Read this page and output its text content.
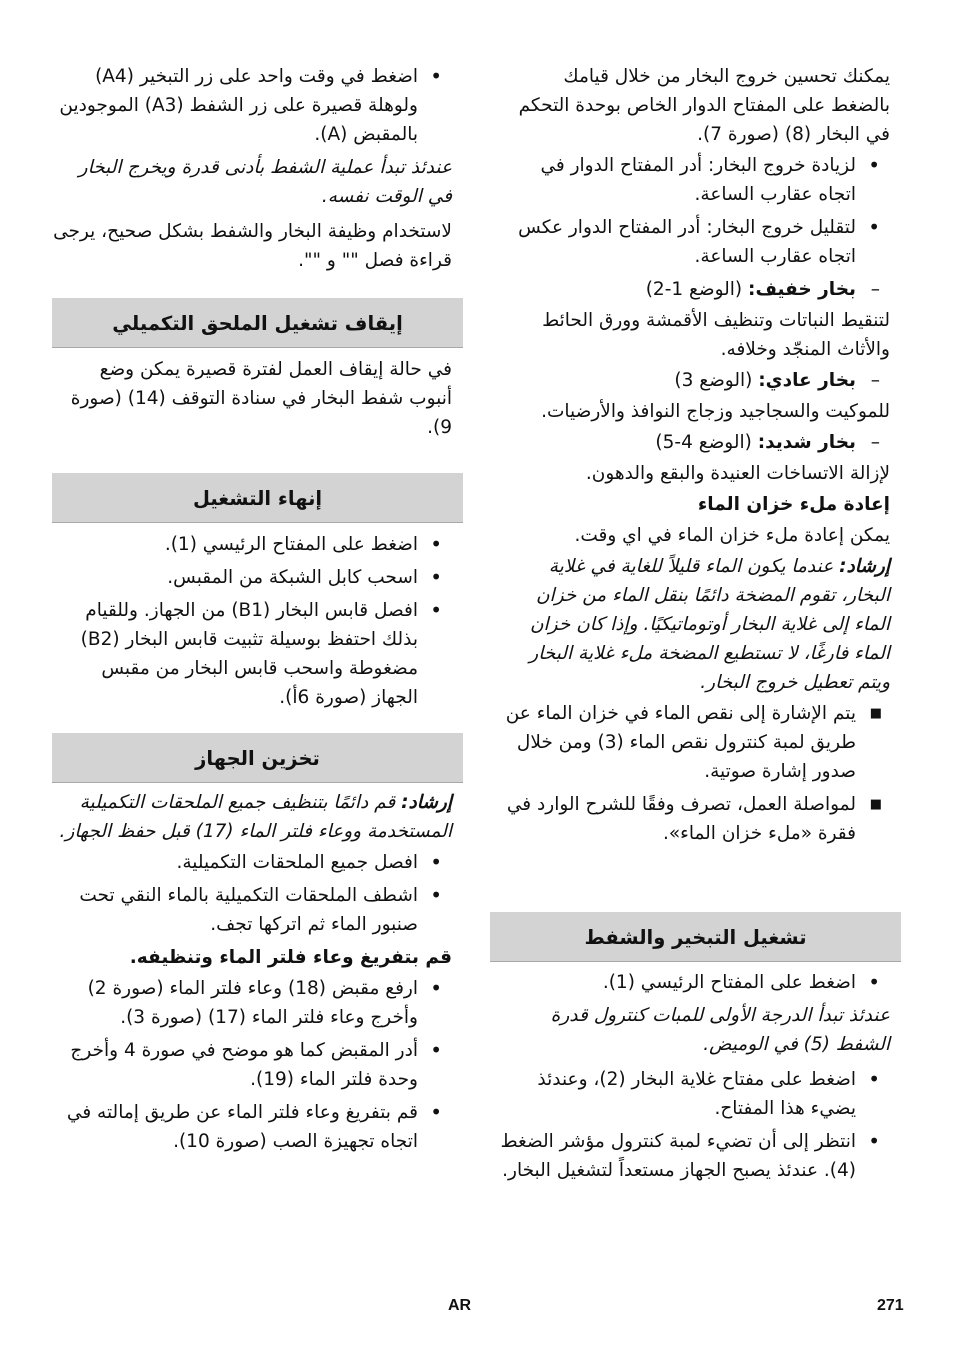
يمكنك تحسين خروج البخار من خلال قيامك بالضغط على المفتاح الدوار الخاص بوحدة التحكم في البخار (8) (صورة 7).

• لزيادة خروج البخار: أدر المفتاح الدوار في اتجاه عقارب الساعة.
• لتقليل خروج البخار: أدر المفتاح الدوار عكس اتجاه عقارب الساعة.

– بخار خفيف: (الوضع 1-2)

لتنقيط النباتات وتنظيف الأقمشة وورق الحائط والأثاث المنجّد وخلافه.

– بخار عادي: (الوضع 3)

للموكيت والسجاجيد وزجاج النوافذ والأرضيات.

– بخار شديد: (الوضع 4-5)

لإزالة الاتساخات العنيدة والبقع والدهون.

إعادة ملء خزان الماء

يمكن إعادة ملء خزان الماء في اي وقت.

إرشاد: عندما يكون الماء قليلاً للغاية في غلاية البخار، تقوم المضخة دائمًا بنقل الماء من خزان الماء إلى غلاية البخار أوتوماتيكيًا. وإذا كان خزان الماء فارغًا، لا تستطيع المضخة ملء غلاية البخار ويتم تعطيل خروج البخار.

■ يتم الإشارة إلى نقص الماء في خزان الماء عن طريق لمبة كنترول نقص الماء (3) ومن خلال صدور إشارة صوتية.
■ لمواصلة العمل، تصرف وفقًا للشرح الوارد في فقرة «ملء خزان الماء».
تشغيل التبخير والشفط
• اضغط على المفتاح الرئيسي (1).

عندئذ تبدأ الدرجة الأولى للمبات كنترول قدرة الشفط (5) في الوميض.

• اضغط على مفتاح غلاية البخار (2)، وعندئذ يضيء هذا المفتاح.
• انتظر إلى أن تضيء لمبة كنترول مؤشر الضغط (4). عندئذ يصبح الجهاز مستعداً لتشغيل البخار.
• اضغط في وقت واحد على زر التبخير (A4) ولوهلة قصيرة على زر الشفط (A3) الموجودين بالمقبض (A).

عندئذ تبدأ عملية الشفط بأدنى قدرة ويخرج البخار في الوقت نفسه.

لاستخدام وظيفة البخار والشفط بشكل صحيح، يرجى قراءة فصل "" و "".

إيقاف تشغيل الملحق التكميلي

في حالة إيقاف العمل لفترة قصيرة يمكن وضع أنبوب شفط البخار في سنادة التوقف (14) (صورة 9).

إنهاء التشغيل
• اضغط على المفتاح الرئيسي (1).
• اسحب كابل الشبكة من المقبس.
• افصل قابس البخار (B1) من الجهاز. وللقيام بذلك احتفظ بوسيلة تثبيت قابس البخار (B2) مضغوطة واسحب قابس البخار من مقبس الجهاز (صورة 6أ).
تخزين الجهاز

إرشاد: قم دائمًا بتنظيف جميع الملحقات التكميلية المستخدمة ووعاء فلتر الماء (17) قبل حفظ الجهاز.

• افصل جميع الملحقات التكميلية.
• اشطف الملحقات التكميلية بالماء النقي تحت صنبور الماء ثم اتركها تجف.

قم بتفريغ وعاء فلتر الماء وتنظيفه.

• ارفع مقبض (18) وعاء فلتر الماء (صورة 2) وأخرج وعاء فلتر الماء (17) (صورة 3).
• أدر المقبض كما هو موضح في صورة 4 وأخرج وحدة فلتر الماء (19).
• قم بتفريغ وعاء فلتر الماء عن طريق إمالته في اتجاه تجهيزة الصب (صورة 10).
AR	271
